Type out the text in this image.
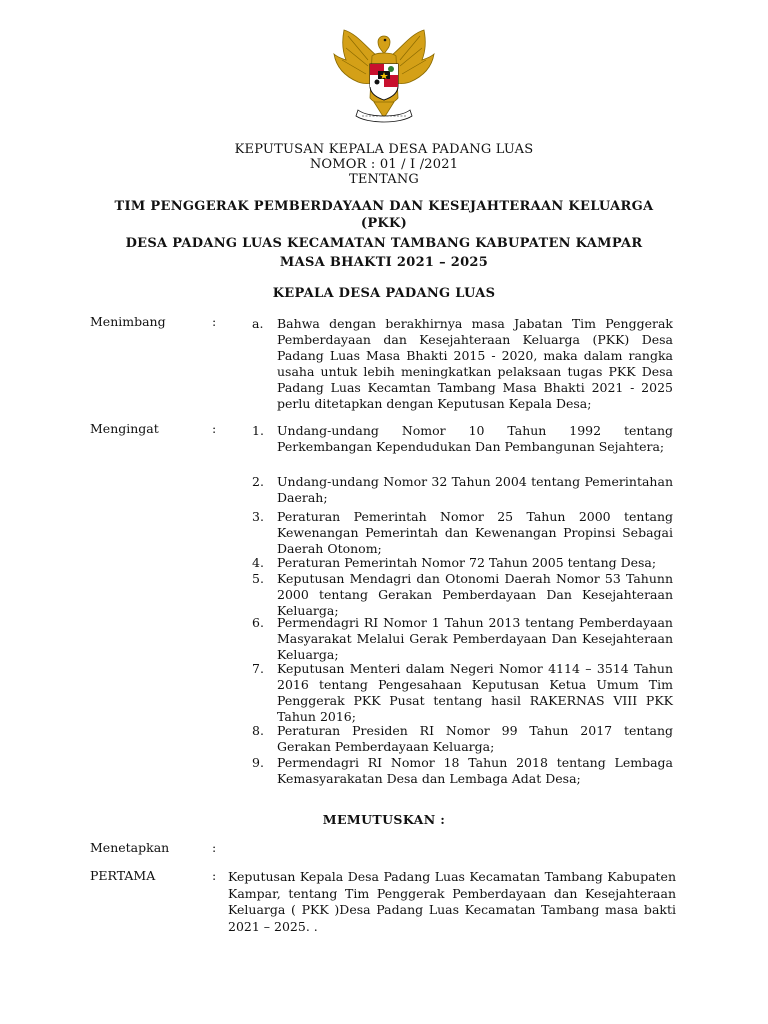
KEPUTUSAN KEPALA DESA PADANG LUAS
NOMOR : 01 / I /2021
TENTANG
TIM PENGGERAK PEMBERDAYAAN DAN KESEJAHTERAAN KELUARGA
(PKK)
DESA PADANG LUAS KECAMATAN TAMBANG KABUPATEN KAMPAR
MASA BHAKTI 2021 – 2025
KEPALA DESA PADANG LUAS
Menimbang	:	a.	Bahwa dengan berakhirnya masa Jabatan Tim Penggerak Pemberdayaan dan Kesejahteraan Keluarga (PKK) Desa Padang Luas Masa Bhakti 2015 - 2020, maka dalam rangka usaha untuk lebih meningkatkan pelaksaan tugas PKK Desa Padang Luas Kecamtan Tambang Masa Bhakti 2021 - 2025 perlu ditetapkan dengan Keputusan Kepala Desa;
Mengingat	:	1.	Undang-undang Nomor 10 Tahun 1992 tentang Perkembangan Kependudukan Dan Pembangunan Sejahtera;
2.	Undang-undang Nomor 32 Tahun 2004 tentang Pemerintahan Daerah;
3.	Peraturan Pemerintah Nomor 25 Tahun 2000 tentang Kewenangan Pemerintah dan Kewenangan Propinsi Sebagai Daerah Otonom;
4.	Peraturan Pemerintah Nomor 72 Tahun 2005 tentang Desa;
5.	Keputusan Mendagri dan Otonomi Daerah Nomor 53 Tahunn 2000 tentang Gerakan Pemberdayaan Dan Kesejahteraan Keluarga;
6.	Permendagri RI Nomor 1 Tahun 2013 tentang Pemberdayaan Masyarakat Melalui Gerak Pemberdayaan Dan Kesejahteraan Keluarga;
7.	Keputusan Menteri dalam Negeri Nomor 4114 – 3514 Tahun 2016 tentang Pengesahaan Keputusan Ketua Umum Tim Penggerak PKK Pusat tentang hasil RAKERNAS VIII PKK Tahun 2016;
8.	Peraturan Presiden RI Nomor 99 Tahun 2017 tentang Gerakan Pemberdayaan Keluarga;
9.	Permendagri RI Nomor 18 Tahun 2018 tentang Lembaga Kemasyarakatan Desa dan Lembaga Adat Desa;
MEMUTUSKAN :
Menetapkan	:
PERTAMA	: Keputusan Kepala Desa Padang Luas Kecamatan Tambang Kabupaten Kampar, tentang Tim Penggerak Pemberdayaan dan Kesejahteraan Keluarga ( PKK )Desa Padang Luas Kecamatan Tambang masa bakti 2021 – 2025. .
